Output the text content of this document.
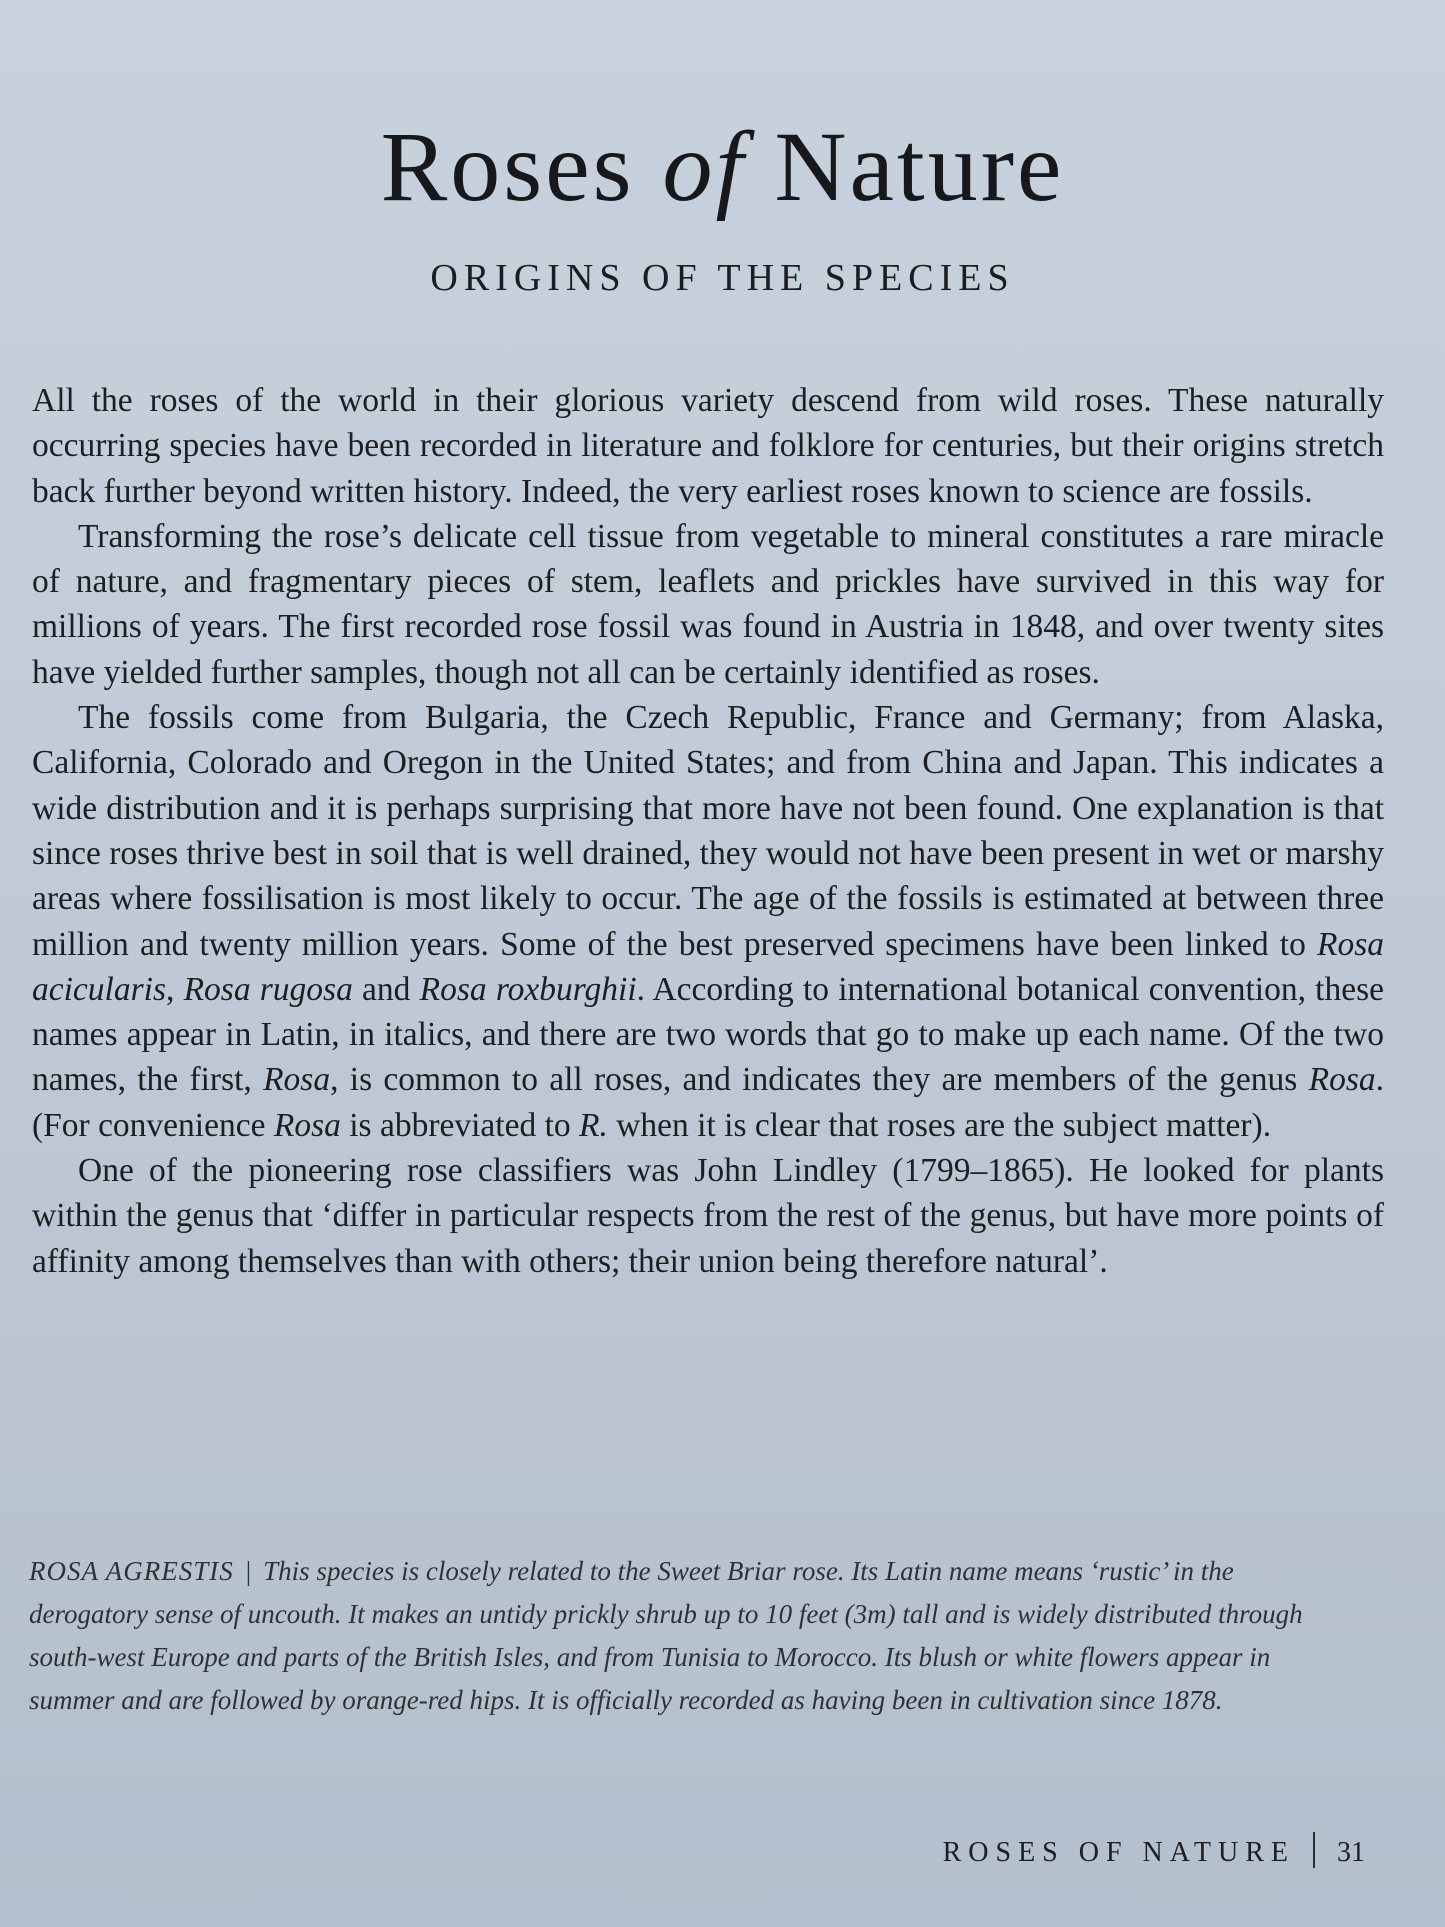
Roses of Nature
ORIGINS OF THE SPECIES

All the roses of the world in their glorious variety descend from wild roses. These naturally occurring species have been recorded in literature and folklore for centuries, but their origins stretch back further beyond written history. Indeed, the very earliest roses known to science are fossils.

Transforming the rose’s delicate cell tissue from vegetable to mineral constitutes a rare miracle of nature, and fragmentary pieces of stem, leaflets and prickles have survived in this way for millions of years. The first recorded rose fossil was found in Austria in 1848, and over twenty sites have yielded further samples, though not all can be certainly identified as roses.

The fossils come from Bulgaria, the Czech Republic, France and Germany; from Alaska, California, Colorado and Oregon in the United States; and from China and Japan. This indicates a wide distribution and it is perhaps surprising that more have not been found. One explanation is that since roses thrive best in soil that is well drained, they would not have been present in wet or marshy areas where fossilisation is most likely to occur. The age of the fossils is estimated at between three million and twenty million years. Some of the best preserved specimens have been linked to Rosa acicularis, Rosa rugosa and Rosa roxburghii. According to international botanical convention, these names appear in Latin, in italics, and there are two words that go to make up each name. Of the two names, the first, Rosa, is common to all roses, and indicates they are members of the genus Rosa. (For convenience Rosa is abbreviated to R. when it is clear that roses are the subject matter).

One of the pioneering rose classifiers was John Lindley (1799–1865). He looked for plants within the genus that ‘differ in particular respects from the rest of the genus, but have more points of affinity among themselves than with others; their union being therefore natural’.

ROSA AGRESTIS | This species is closely related to the Sweet Briar rose. Its Latin name means ‘rustic’ in the derogatory sense of uncouth. It makes an untidy prickly shrub up to 10 feet (3m) tall and is widely distributed through south-west Europe and parts of the British Isles, and from Tunisia to Morocco. Its blush or white flowers appear in summer and are followed by orange-red hips. It is officially recorded as having been in cultivation since 1878.

ROSES OF NATURE 31
